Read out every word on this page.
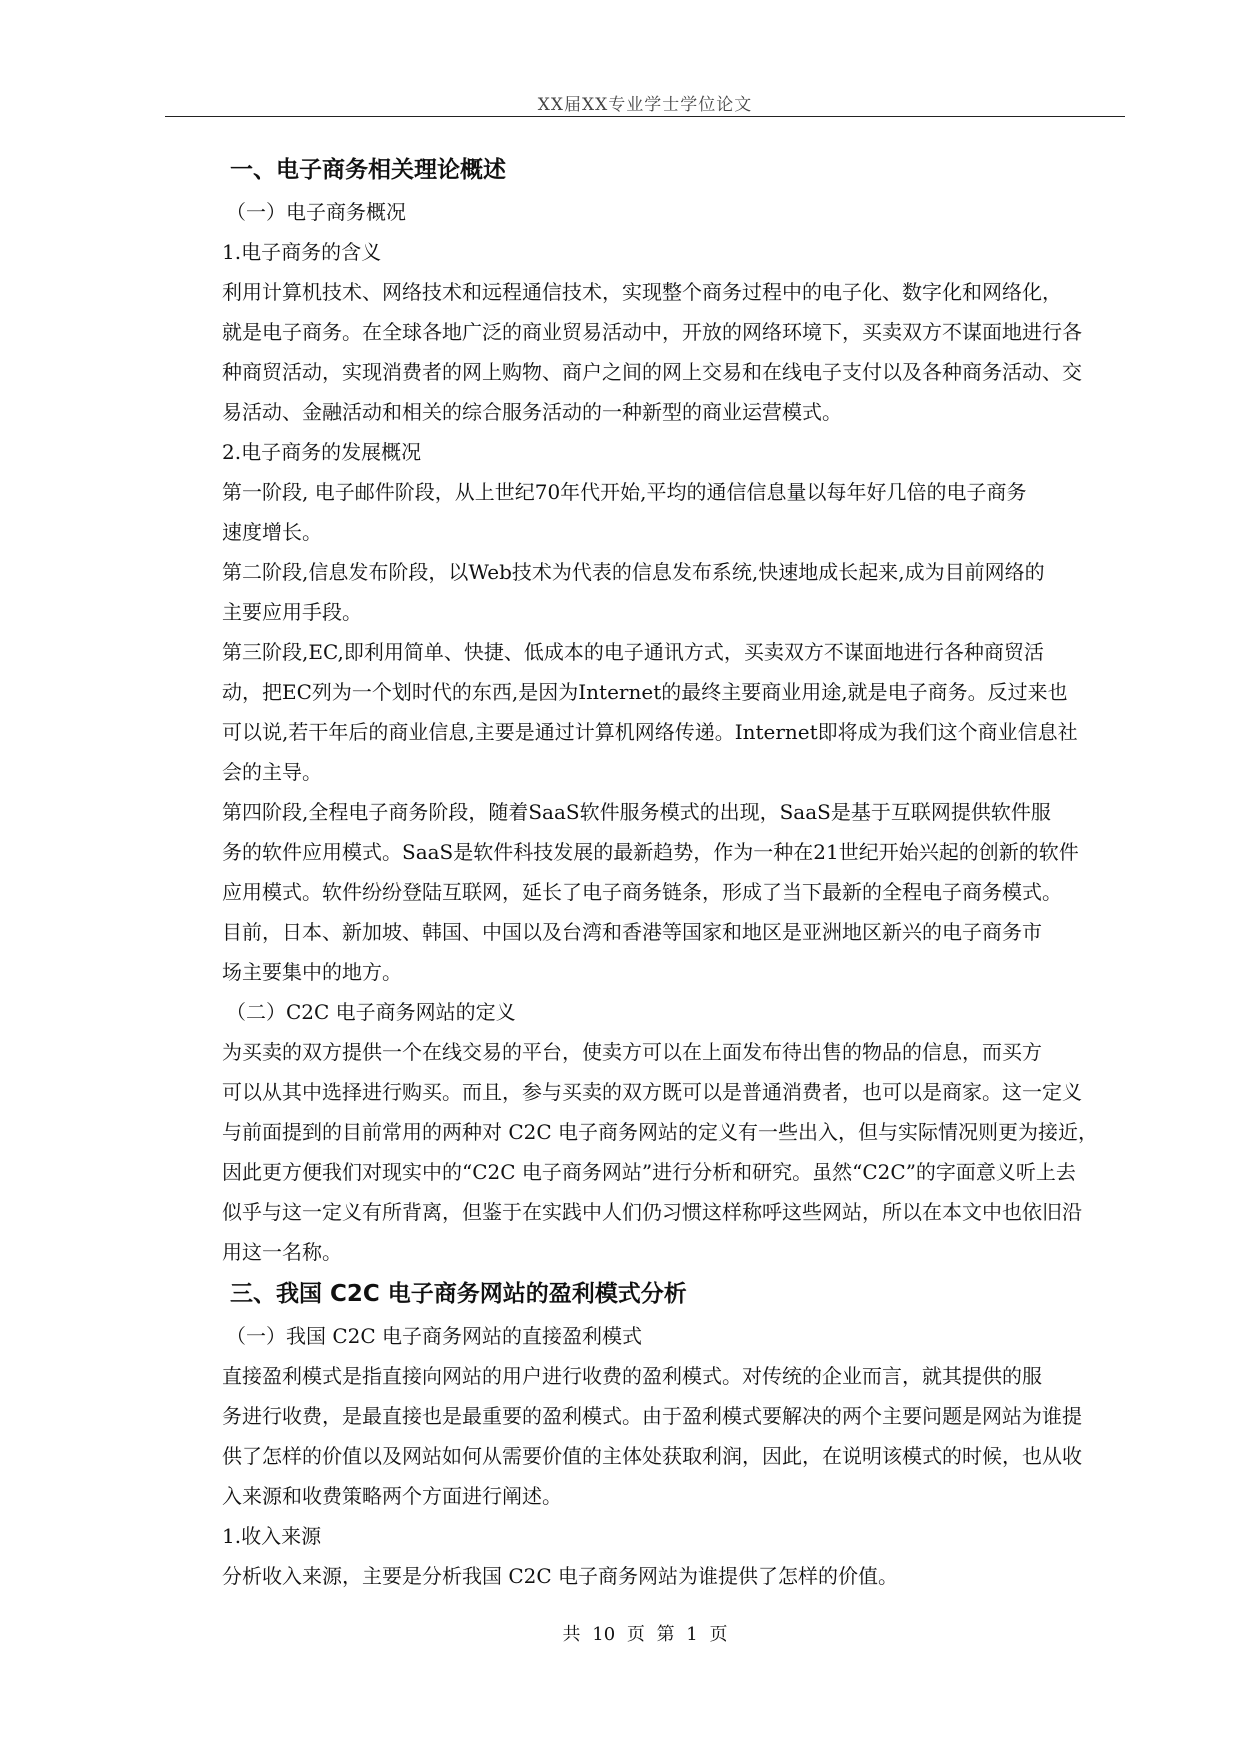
XX届XX专业学士学位论文
一、电子商务相关理论概述
（一）电子商务概况
1.电子商务的含义
利用计算机技术、网络技术和远程通信技术，实现整个商务过程中的电子化、数字化和网络化，
就是电子商务。在全球各地广泛的商业贸易活动中，开放的网络环境下，买卖双方不谋面地进行各
种商贸活动，实现消费者的网上购物、商户之间的网上交易和在线电子支付以及各种商务活动、交
易活动、金融活动和相关的综合服务活动的一种新型的商业运营模式。
2.电子商务的发展概况
第一阶段, 电子邮件阶段，从上世纪70年代开始,平均的通信信息量以每年好几倍的电子商务
速度增长。
第二阶段,信息发布阶段，以Web技术为代表的信息发布系统,快速地成长起来,成为目前网络的
主要应用手段。
第三阶段,EC,即利用简单、快捷、低成本的电子通讯方式，买卖双方不谋面地进行各种商贸活
动，把EC列为一个划时代的东西,是因为Internet的最终主要商业用途,就是电子商务。反过来也
可以说,若干年后的商业信息,主要是通过计算机网络传递。Internet即将成为我们这个商业信息社
会的主导。
第四阶段,全程电子商务阶段，随着SaaS软件服务模式的出现，SaaS是基于互联网提供软件服
务的软件应用模式。SaaS是软件科技发展的最新趋势，作为一种在21世纪开始兴起的创新的软件
应用模式。软件纷纷登陆互联网，延长了电子商务链条，形成了当下最新的全程电子商务模式。
目前，日本、新加坡、韩国、中国以及台湾和香港等国家和地区是亚洲地区新兴的电子商务市
场主要集中的地方。
（二）C2C 电子商务网站的定义
为买卖的双方提供一个在线交易的平台，使卖方可以在上面发布待出售的物品的信息，而买方
可以从其中选择进行购买。而且，参与买卖的双方既可以是普通消费者，也可以是商家。这一定义
与前面提到的目前常用的两种对 C2C 电子商务网站的定义有一些出入，但与实际情况则更为接近，
因此更方便我们对现实中的“C2C 电子商务网站”进行分析和研究。虽然“C2C”的字面意义听上去
似乎与这一定义有所背离，但鉴于在实践中人们仍习惯这样称呼这些网站，所以在本文中也依旧沿
用这一名称。
三、我国 C2C 电子商务网站的盈利模式分析
（一）我国 C2C 电子商务网站的直接盈利模式
直接盈利模式是指直接向网站的用户进行收费的盈利模式。对传统的企业而言，就其提供的服
务进行收费，是最直接也是最重要的盈利模式。由于盈利模式要解决的两个主要问题是网站为谁提
供了怎样的价值以及网站如何从需要价值的主体处获取利润，因此，在说明该模式的时候，也从收
入来源和收费策略两个方面进行阐述。
1.收入来源
分析收入来源，主要是分析我国 C2C 电子商务网站为谁提供了怎样的价值。
共 10 页 第 1 页
